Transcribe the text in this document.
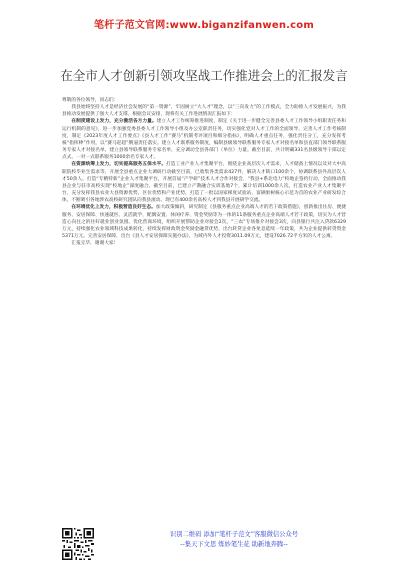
笔杆子范文官网:www.biganzifanwen.com
在全市人才创新引领攻坚战工作推进会上的汇报发言

尊敬的各位领导，同志们：

我县始终坚持人才是经济社会发展的“第一资源”，牢固树立“大人才”理念，以“三向发力”的工作模式，全力助推人才发展振兴，为我县推动发展提供了强大人才支撑。根据会议安排，现将有关工作进展情况汇报如下：

在制度建设上发力，充分激活各方力量。建立人才工作统筹推进制度，制定《关于进一步健全完善县委人才工作领导小组职责任务和运行机制的意见》，进一步加强党委县委人才工作领导小组及办公室职责任务，切实强化党对人才工作的全面领导。完善人才工作考核制度，制定《2023年度人才工作要点》《县人才工作“赛马”机制考评项目和细分指标》，明确人才重点任务，强化责任分工，充分发挥考核“指挥棒”作用，以“赛马赶超”倒逼责任落实。建立人才联系服务制度，编制县级领导联系服务专家人才对接名单和县直部门领导联系服务专家人才对接名单，建立县领导联系服务专家名单，充分调动全县各部门（单位）力量。截至目前，共计明确331名县级领导干部以定点式、一对一式联系服务1000余名专家人才。

在资源统筹上发力，切实提高服务五保水平。打造工业产业人才集聚平台，围绕企业高层次人才需求，人才储备上情况以及对大中高职院校毕业生需求等，开展全县重点企业大调研行动截至目前，已收集各类需求427件，解决人才缺口100余个，协调联系县外高层次人才50余人。打造“专精特新”企业人才集聚平台，开展首届“产学研”技术人才合作对接会、“我县+系北电力”校地企签约行动，全面推动我县企业与驻市高校实现“校地企”深度融合。截至目前，已建立产教融合实训基地7个，累计培训1000余人次。打造农业产业人才集聚平台，充分发挥我县农业大县资源优势，区位优势和产业优势，打造了一批以国家梯度试验站、富硒果树核心示范为首的农业产业研发综合体，不断吸引各地涉农高校研究团队向我县流动。现已有400余名高校人才到我县开展研学交流。

在环境优化上发力，积极营造良好生态。加大政策倾斜，研究制定《县服务重点企业高端人才的若干政策措施》，创新推出住房、便捷服务、安居保障、快速就医、灵活就学、配偶安置、休闲疗养、资金奖励等为一体的11条服务重点企业高端人才若干政策，切实为人才营造心向往之的住好就业创业氛围。优化营商环境，组织开展帮助企业对接会2次，“三农”专场推介对接会3次，向县银行共注入贷款6329万元，持续强化农业领域科技成果转化，持续发挥财政资金奖励金融贷优势，出台转贷企业各免息延续一年政策，共为企业提供转贷资金5371万元。完善安居保障，出台《县人才安居保障实施办法》，为域内外人才投资3011.09万元，建设7026.72平方米的人才公寓。

汇报完毕，谢谢大家！

识别二维码 添加“笔杆子范文”客服微信公众号
--集天下文思 炼妙笔生花 助新地奔腾--
